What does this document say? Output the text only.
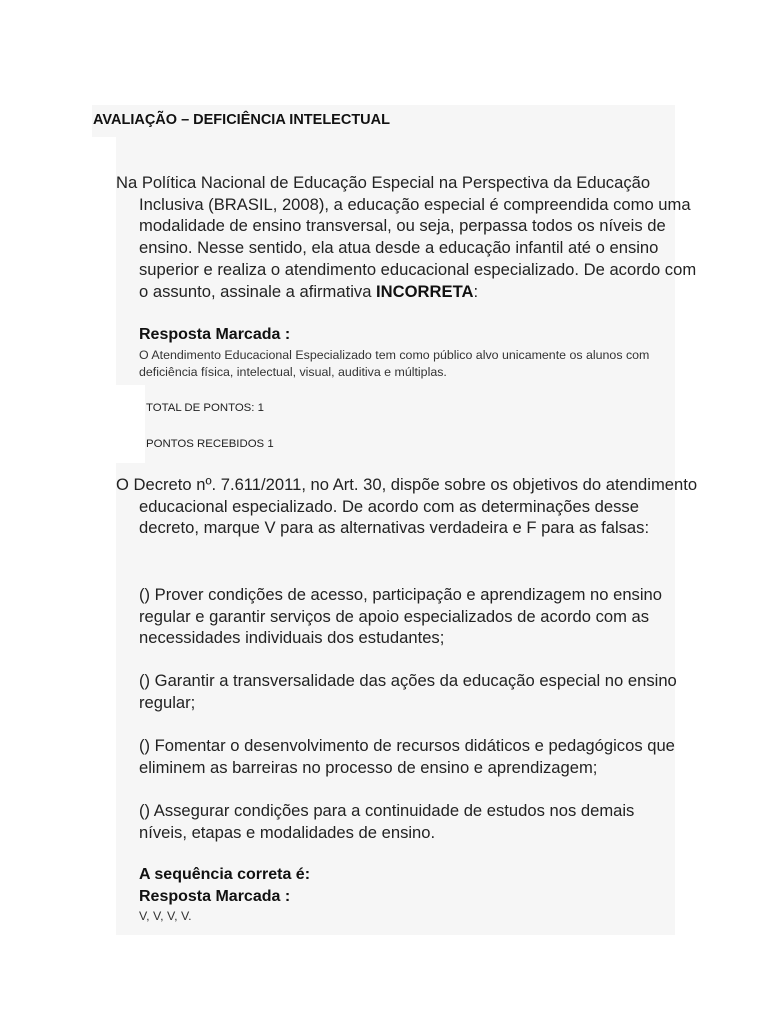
AVALIAÇÃO – DEFICIÊNCIA INTELECTUAL
Na Política Nacional de Educação Especial na Perspectiva da Educação Inclusiva (BRASIL, 2008), a educação especial é compreendida como uma modalidade de ensino transversal, ou seja, perpassa todos os níveis de ensino. Nesse sentido, ela atua desde a educação infantil até o ensino superior e realiza o atendimento educacional especializado. De acordo com o assunto, assinale a afirmativa INCORRETA:
Resposta Marcada :
O Atendimento Educacional Especializado tem como público alvo unicamente os alunos com deficiência física, intelectual, visual, auditiva e múltiplas.
TOTAL DE PONTOS: 1
PONTOS RECEBIDOS 1
O Decreto nº. 7.611/2011, no Art. 30, dispõe sobre os objetivos do atendimento educacional especializado. De acordo com as determinações desse decreto, marque V para as alternativas verdadeira e F para as falsas:
() Prover condições de acesso, participação e aprendizagem no ensino regular e garantir serviços de apoio especializados de acordo com as necessidades individuais dos estudantes;
() Garantir a transversalidade das ações da educação especial no ensino regular;
() Fomentar o desenvolvimento de recursos didáticos e pedagógicos que eliminem as barreiras no processo de ensino e aprendizagem;
() Assegurar condições para a continuidade de estudos nos demais níveis, etapas e modalidades de ensino.
A sequência correta é:
Resposta Marcada :
V, V, V, V.
